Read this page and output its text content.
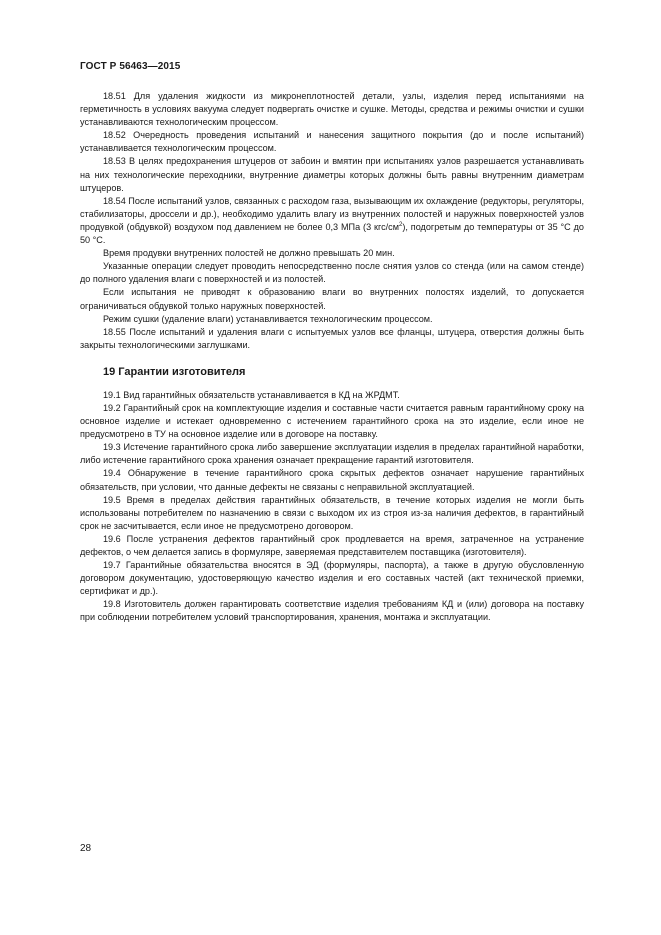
ГОСТ Р 56463—2015

18.51 Для удаления жидкости из микронеплотностей детали, узлы, изделия перед испытаниями на герметичность в условиях вакуума следует подвергать очистке и сушке. Методы, средства и режимы очистки и сушки устанавливаются технологическим процессом.

18.52 Очередность проведения испытаний и нанесения защитного покрытия (до и после испытаний) устанавливается технологическим процессом.

18.53 В целях предохранения штуцеров от забоин и вмятин при испытаниях узлов разрешается устанавливать на них технологические переходники, внутренние диаметры которых должны быть равны внутренним диаметрам штуцеров.

18.54 После испытаний узлов, связанных с расходом газа, вызывающим их охлаждение (редукторы, регуляторы, стабилизаторы, дроссели и др.), необходимо удалить влагу из внутренних полостей и наружных поверхностей узлов продувкой (обдувкой) воздухом под давлением не более 0,3 МПа (3 кгс/$см^2$), подогретым до температуры от 35 °С до 50 °С.

Время продувки внутренних полостей не должно превышать 20 мин.

Указанные операции следует проводить непосредственно после снятия узлов со стенда (или на самом стенде) до полного удаления влаги с поверхностей и из полостей.

Если испытания не приводят к образованию влаги во внутренних полостях изделий, то допускается ограничиваться обдувкой только наружных поверхностей.

Режим сушки (удаление влаги) устанавливается технологическим процессом.

18.55 После испытаний и удаления влаги с испытуемых узлов все фланцы, штуцера, отверстия должны быть закрыты технологическими заглушками.

19 Гарантии изготовителя

19.1 Вид гарантийных обязательств устанавливается в КД на ЖРДМТ.

19.2 Гарантийный срок на комплектующие изделия и составные части считается равным гарантийному сроку на основное изделие и истекает одновременно с истечением гарантийного срока на это изделие, если иное не предусмотрено в ТУ на основное изделие или в договоре на поставку.

19.3 Истечение гарантийного срока либо завершение эксплуатации изделия в пределах гарантийной наработки, либо истечение гарантийного срока хранения означает прекращение гарантий изготовителя.

19.4 Обнаружение в течение гарантийного срока скрытых дефектов означает нарушение гарантийных обязательств, при условии, что данные дефекты не связаны с неправильной эксплуатацией.

19.5 Время в пределах действия гарантийных обязательств, в течение которых изделия не могли быть использованы потребителем по назначению в связи с выходом их из строя из-за наличия дефектов, в гарантийный срок не засчитывается, если иное не предусмотрено договором.

19.6 После устранения дефектов гарантийный срок продлевается на время, затраченное на устранение дефектов, о чем делается запись в формуляре, заверяемая представителем поставщика (изготовителя).

19.7 Гарантийные обязательства вносятся в ЭД (формуляры, паспорта), а также в другую обусловленную договором документацию, удостоверяющую качество изделия и его составных частей (акт технической приемки, сертификат и др.).

19.8 Изготовитель должен гарантировать соответствие изделия требованиям КД и (или) договора на поставку при соблюдении потребителем условий транспортирования, хранения, монтажа и эксплуатации.

28
